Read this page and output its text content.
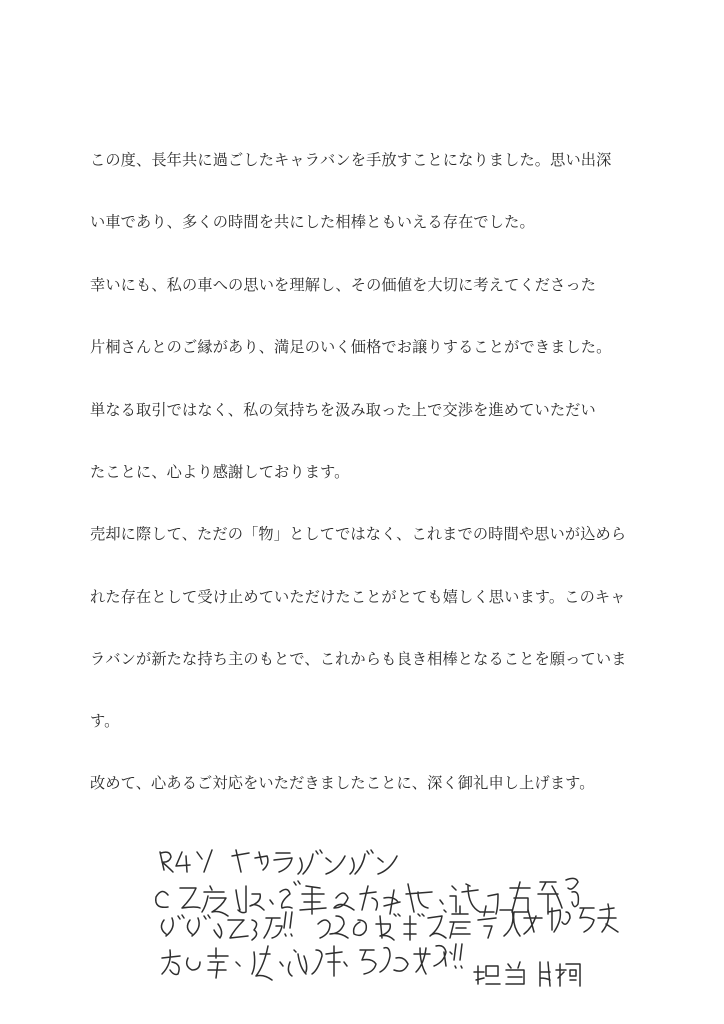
この度、長年共に過ごしたキャラバンを手放すことになりました。思い出深

い車であり、多くの時間を共にした相棒ともいえる存在でした。

幸いにも、私の車への思いを理解し、その価値を大切に考えてくださった

片桐さんとのご縁があり、満足のいく価格でお譲りすることができました。

単なる取引ではなく、私の気持ちを汲み取った上で交渉を進めていただい

たことに、心より感謝しております。

売却に際して、ただの「物」としてではなく、これまでの時間や思いが込めら

れた存在として受け止めていただけたことがとても嬉しく思います。このキャ

ラバンが新たな持ち主のもとで、これからも良き相棒となることを願っていま

す。

改めて、心あるご対応をいただきましたことに、深く御礼申し上げます。
